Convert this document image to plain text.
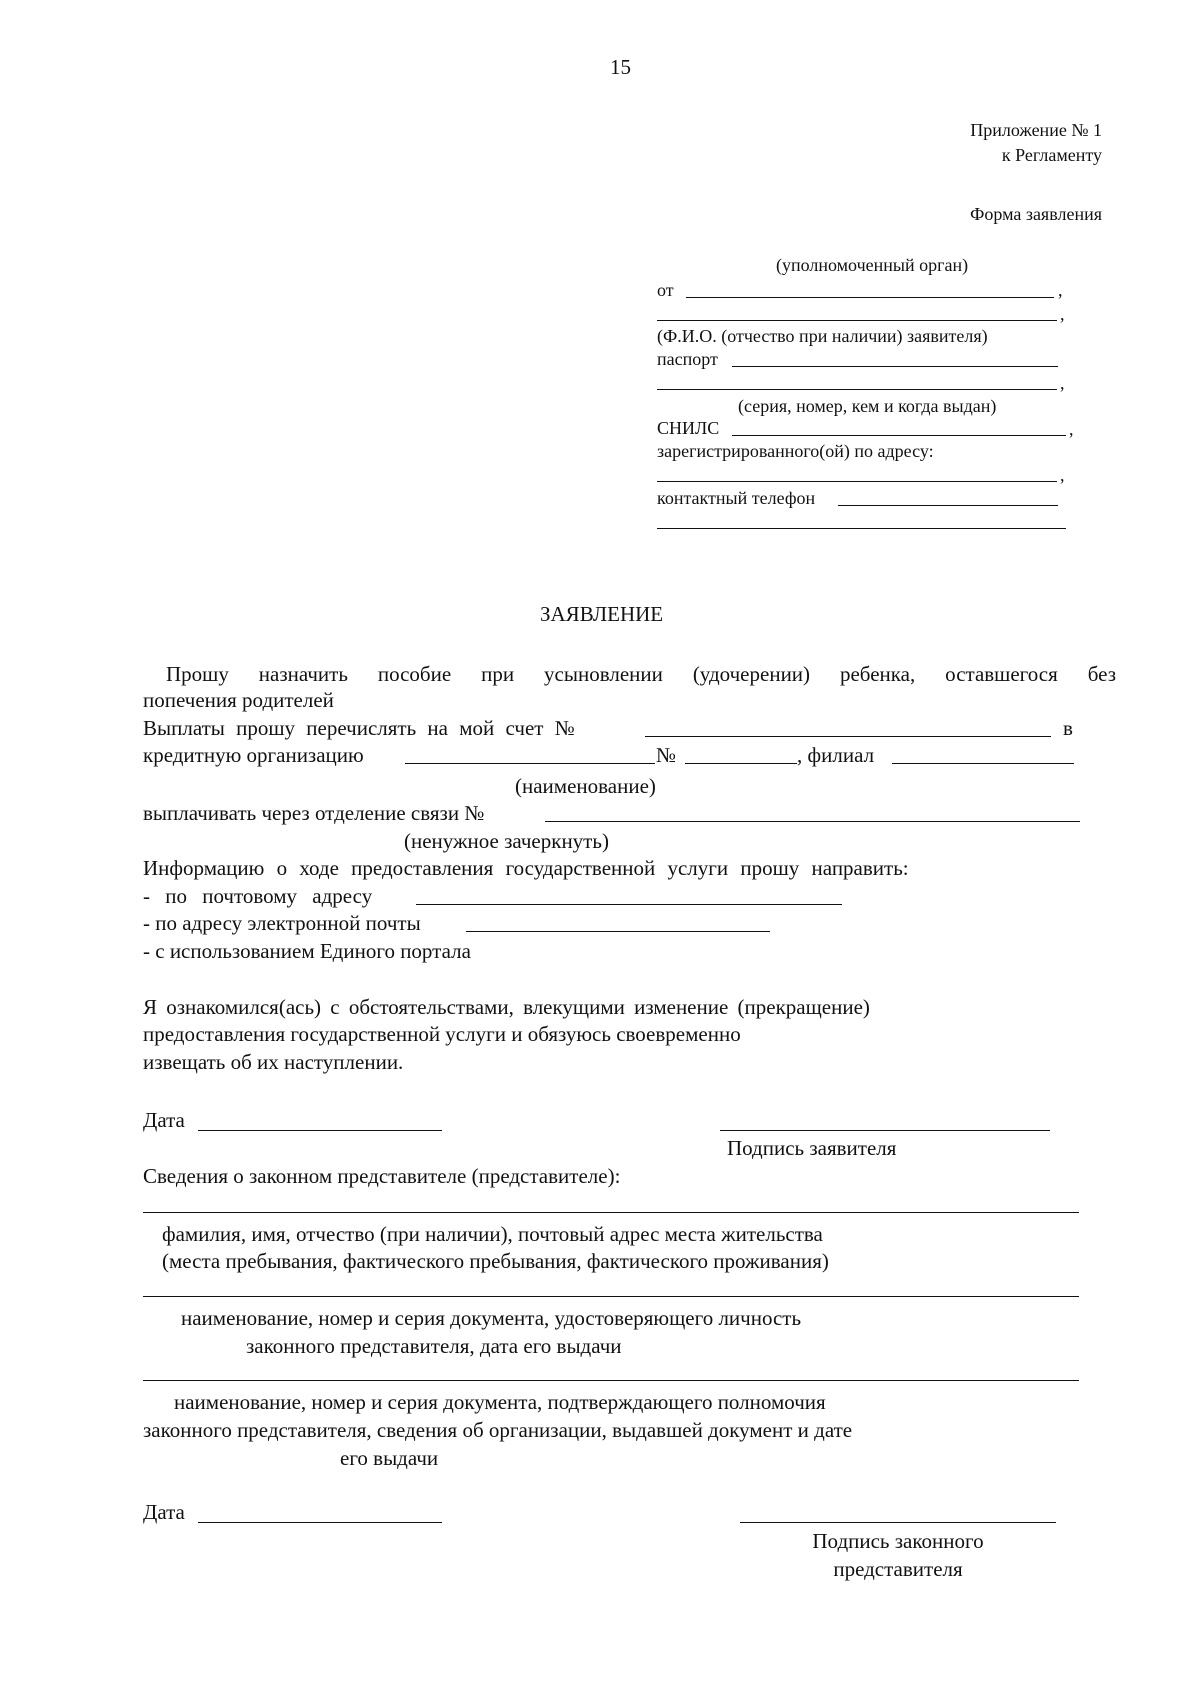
15
Приложение № 1
к Регламенту
Форма заявления
(уполномоченный орган)
от	,
,
(Ф.И.О. (отчество при наличии) заявителя)
паспорт
,
(серия, номер, кем и когда выдан)
СНИЛС	,
зарегистрированного(ой) по адресу:
,
контактный телефон
ЗАЯВЛЕНИЕ
Прошу назначить пособие при усыновлении (удочерении) ребенка, оставшегося без
попечения родителей
Выплаты прошу перечислять на мой счет №	в
кредитную организацию	№	, филиал
(наименование)
выплачивать через отделение связи №
(ненужное зачеркнуть)
Информацию о ходе предоставления государственной услуги прошу направить:
- по почтовому адресу
- по адресу электронной почты
- с использованием Единого портала
Я ознакомился(ась) с обстоятельствами, влекущими изменение (прекращение)
предоставления государственной услуги и обязуюсь своевременно
извещать об их наступлении.
Дата
Подпись заявителя
Сведения о законном представителе (представителе):
фамилия, имя, отчество (при наличии), почтовый адрес места жительства
(места пребывания, фактического пребывания, фактического проживания)
наименование, номер и серия документа, удостоверяющего личность
законного представителя, дата его выдачи
наименование, номер и серия документа, подтверждающего полномочия
законного представителя, сведения об организации, выдавшей документ и дате
его выдачи
Дата
Подпись законного
представителя
